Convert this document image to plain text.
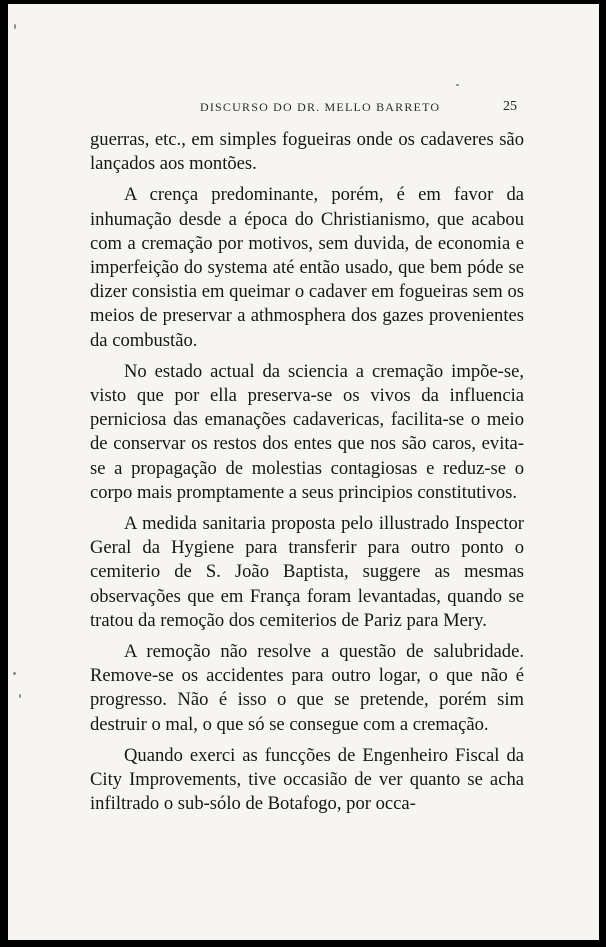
DISCURSO DO DR. MELLO BARRETO	25

guerras, etc., em simples fogueiras onde os cadaveres são lançados aos montões.

A crença predominante, porém, é em favor da inhumação desde a época do Christianismo, que acabou com a cremação por motivos, sem duvida, de economia e imperfeição do systema até então usado, que bem póde se dizer consistia em queimar o cadaver em fogueiras sem os meios de preservar a athmosphera dos gazes provenientes da combustão.

No estado actual da sciencia a cremação impõe-se, visto que por ella preserva-se os vivos da influencia perniciosa das emanações cadavericas, facilita-se o meio de conservar os restos dos entes que nos são caros, evita-se a propagação de molestias contagiosas e reduz-se o corpo mais promptamente a seus principios constitutivos.

A medida sanitaria proposta pelo illustrado Inspector Geral da Hygiene para transferir para outro ponto o cemiterio de S. João Baptista, suggere as mesmas observações que em França foram levantadas, quando se tratou da remoção dos cemiterios de Pariz para Mery.

A remoção não resolve a questão de salubridade. Remove-se os accidentes para outro logar, o que não é progresso. Não é isso o que se pretende, porém sim destruir o mal, o que só se consegue com a cremação.

Quando exerci as funcções de Engenheiro Fiscal da City Improvements, tive occasião de ver quanto se acha infiltrado o sub-sólo de Botafogo, por occa-
